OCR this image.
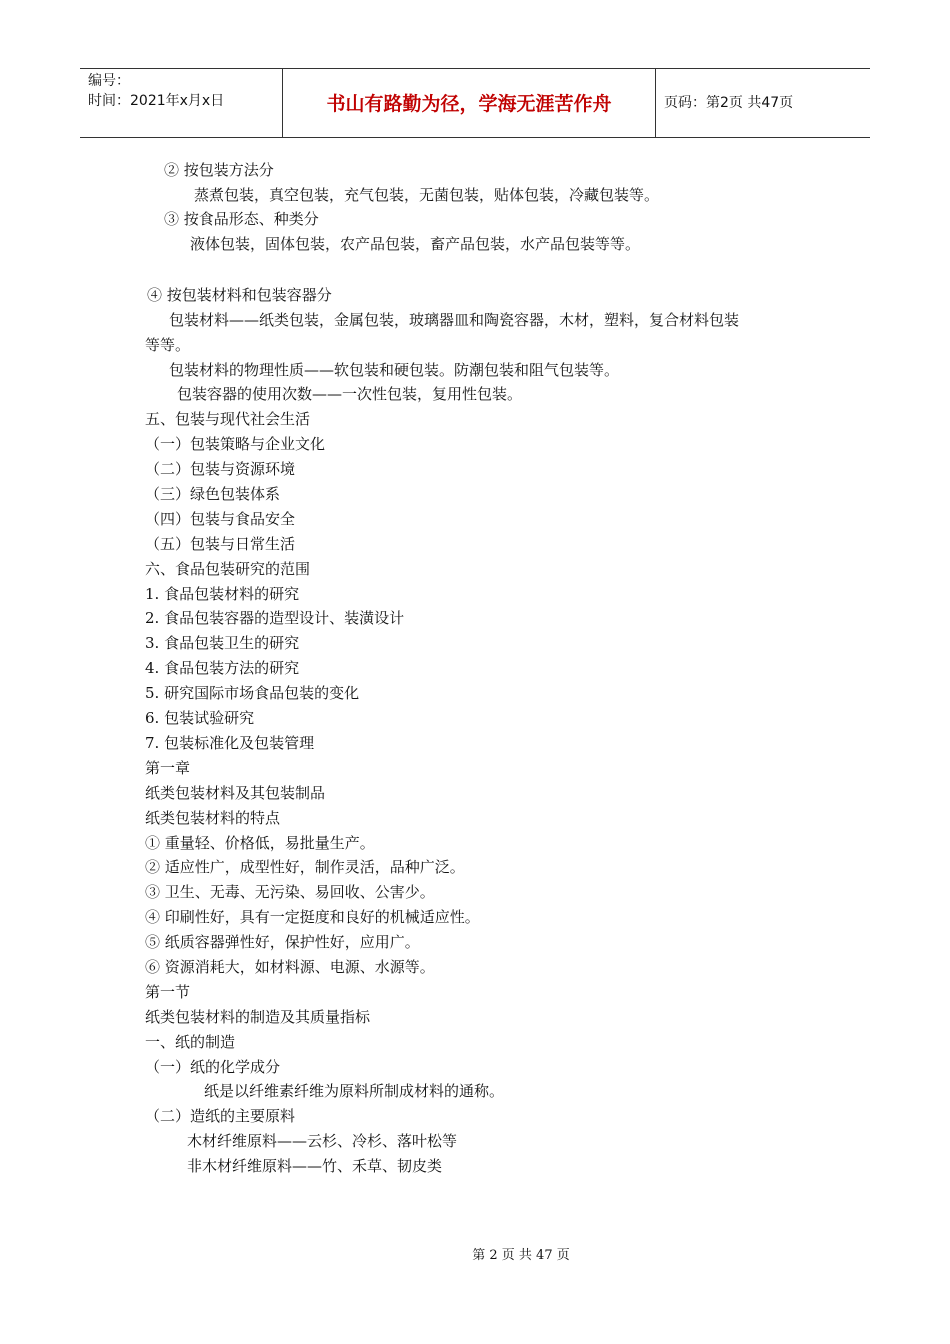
编号：
时间：2021年x月x日	书山有路勤为径，学海无涯苦作舟	页码：第2页 共47页
② 按包装方法分
蒸煮包装，真空包装，充气包装，无菌包装，贴体包装，冷藏包装等。
③ 按食品形态、种类分
液体包装，固体包装，农产品包装，畜产品包装，水产品包装等等。
④ 按包装材料和包装容器分
包装材料——纸类包装，金属包装，玻璃器皿和陶瓷容器，木材，塑料，复合材料包装
等等。
包装材料的物理性质——软包装和硬包装。防潮包装和阻气包装等。
包装容器的使用次数——一次性包装，复用性包装。
五、包装与现代社会生活
（一）包装策略与企业文化
（二）包装与资源环境
（三）绿色包装体系
（四）包装与食品安全
（五）包装与日常生活
六、食品包装研究的范围
1. 食品包装材料的研究
2. 食品包装容器的造型设计、装潢设计
3. 食品包装卫生的研究
4. 食品包装方法的研究
5. 研究国际市场食品包装的变化
6. 包装试验研究
7. 包装标准化及包装管理
第一章
纸类包装材料及其包装制品
纸类包装材料的特点
① 重量轻、价格低，易批量生产。
② 适应性广，成型性好，制作灵活，品种广泛。
③ 卫生、无毒、无污染、易回收、公害少。
④ 印刷性好，具有一定挺度和良好的机械适应性。
⑤ 纸质容器弹性好，保护性好，应用广。
⑥ 资源消耗大，如材料源、电源、水源等。
第一节
纸类包装材料的制造及其质量指标
一、纸的制造
（一）纸的化学成分
纸是以纤维素纤维为原料所制成材料的通称。
（二）造纸的主要原料
木材纤维原料——云杉、冷杉、落叶松等
非木材纤维原料——竹、禾草、韧皮类
第 2 页 共 47 页
